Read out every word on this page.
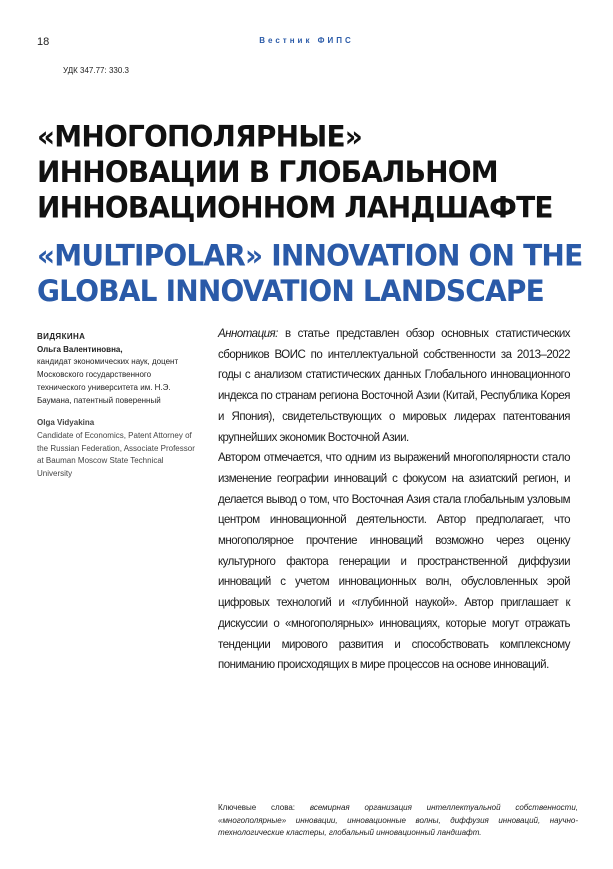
18	Вестник ФИПС
УДК 347.77: 330.3
«МНОГОПОЛЯРНЫЕ»
ИННОВАЦИИ В ГЛОБАЛЬНОМ
ИННОВАЦИОННОМ ЛАНДШАФТЕ
«MULTIPOLAR» INNOVATION ON THE
GLOBAL INNOVATION LANDSCAPE
ВИДЯКИНА
Ольга Валентиновна,
кандидат экономических наук, доцент Московского государственного технического университета им. Н.Э. Баумана, патентный поверенный
Olga Vidyakina
Candidate of Economics, Patent Attorney of the Russian Federation, Associate Professor at Bauman Moscow State Technical University

Аннотация: в статье представлен обзор основных статистических сборников ВОИС по интеллектуальной собственности за 2013–2022 годы с анализом статистических данных Глобального инновационного индекса по странам региона Восточной Азии (Китай, Республика Корея и Япония), свидетельствующих о мировых лидерах патентования крупнейших экономик Восточной Азии.

Автором отмечается, что одним из выражений многополярности стало изменение географии инноваций с фокусом на азиатский регион, и делается вывод о том, что Восточная Азия стала глобальным узловым центром инновационной деятельности. Автор предполагает, что многополярное прочтение инноваций возможно через оценку культурного фактора генерации и пространственной диффузии инноваций с учетом инновационных волн, обусловленных эрой цифровых технологий и «глубинной наукой». Автор приглашает к дискуссии о «многополярных» инновациях, которые могут отражать тенденции мирового развития и способствовать комплексному пониманию происходящих в мире процессов на основе инноваций.

Ключевые слова: всемирная организация интеллектуальной собственности, «многополярные» инновации, инновационные волны, диффузия инноваций, научно-технологические кластеры, глобальный инновационный ландшафт.
